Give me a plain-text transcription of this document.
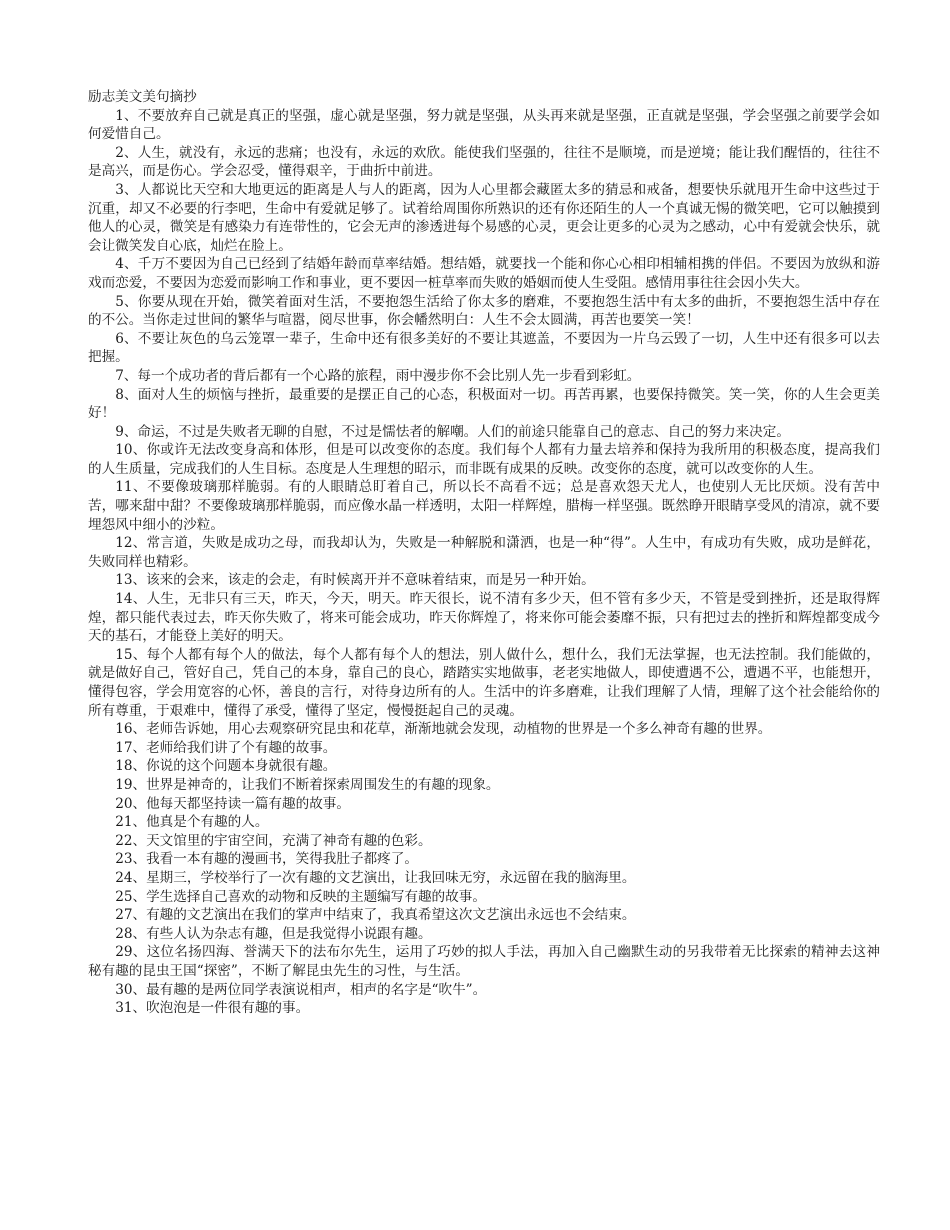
励志美文美句摘抄

1、不要放弃自己就是真正的坚强，虚心就是坚强，努力就是坚强，从头再来就是坚强，正直就是坚强，学会坚强之前要学会如何爱惜自己。

2、人生，就没有，永远的悲痛；也没有，永远的欢欣。能使我们坚强的，往往不是顺境，而是逆境；能让我们醒悟的，往往不是高兴，而是伤心。学会忍受，懂得艰辛，于曲折中前进。

3、人都说比天空和大地更远的距离是人与人的距离，因为人心里都会藏匿太多的猜忌和戒备，想要快乐就甩开生命中这些过于沉重，却又不必要的行李吧，生命中有爱就足够了。试着给周围你所熟识的还有你还陌生的人一个真诚无惕的微笑吧，它可以触摸到他人的心灵，微笑是有感染力有连带性的，它会无声的渗透进每个易感的心灵，更会让更多的心灵为之感动，心中有爱就会快乐，就会让微笑发自心底，灿烂在脸上。

4、千万不要因为自己已经到了结婚年龄而草率结婚。想结婚，就要找一个能和你心心相印相辅相携的伴侣。不要因为放纵和游戏而恋爱，不要因为恋爱而影响工作和事业，更不要因一桩草率而失败的婚姻而使人生受阻。感情用事往往会因小失大。

5、你要从现在开始，微笑着面对生活，不要抱怨生活给了你太多的磨难，不要抱怨生活中有太多的曲折，不要抱怨生活中存在的不公。当你走过世间的繁华与喧嚣，阅尽世事，你会幡然明白：人生不会太圆满，再苦也要笑一笑！

6、不要让灰色的乌云笼罩一辈子，生命中还有很多美好的不要让其遮盖，不要因为一片乌云毁了一切，人生中还有很多可以去把握。

7、每一个成功者的背后都有一个心路的旅程，雨中漫步你不会比别人先一步看到彩虹。

8、面对人生的烦恼与挫折，最重要的是摆正自己的心态，积极面对一切。再苦再累，也要保持微笑。笑一笑，你的人生会更美好！

9、命运，不过是失败者无聊的自慰，不过是懦怯者的解嘲。人们的前途只能靠自己的意志、自己的努力来决定。

10、你或许无法改变身高和体形，但是可以改变你的态度。我们每个人都有力量去培养和保持为我所用的积极态度，提高我们的人生质量，完成我们的人生目标。态度是人生理想的昭示，而非既有成果的反映。改变你的态度，就可以改变你的人生。

11、不要像玻璃那样脆弱。有的人眼睛总盯着自己，所以长不高看不远；总是喜欢怨天尤人，也使别人无比厌烦。没有苦中苦，哪来甜中甜？不要像玻璃那样脆弱，而应像水晶一样透明，太阳一样辉煌，腊梅一样坚强。既然睁开眼睛享受风的清凉，就不要埋怨风中细小的沙粒。

12、常言道，失败是成功之母，而我却认为，失败是一种解脱和潇洒，也是一种“得”。人生中，有成功有失败，成功是鲜花，失败同样也精彩。

13、该来的会来，该走的会走，有时候离开并不意味着结束，而是另一种开始。

14、人生，无非只有三天，昨天，今天，明天。昨天很长，说不清有多少天，但不管有多少天，不管是受到挫折，还是取得辉煌，都只能代表过去，昨天你失败了，将来可能会成功，昨天你辉煌了，将来你可能会萎靡不振，只有把过去的挫折和辉煌都变成今天的基石，才能登上美好的明天。

15、每个人都有每个人的做法，每个人都有每个人的想法，别人做什么，想什么，我们无法掌握，也无法控制。我们能做的，就是做好自己，管好自己，凭自己的本身，靠自己的良心，踏踏实实地做事，老老实地做人，即使遭遇不公，遭遇不平，也能想开，懂得包容，学会用宽容的心怀，善良的言行，对待身边所有的人。生活中的许多磨难，让我们理解了人情，理解了这个社会能给你的所有尊重，于艰难中，懂得了承受，懂得了坚定，慢慢挺起自己的灵魂。

16、老师告诉她，用心去观察研究昆虫和花草，渐渐地就会发现，动植物的世界是一个多么神奇有趣的世界。

17、老师给我们讲了个有趣的故事。

18、你说的这个问题本身就很有趣。

19、世界是神奇的，让我们不断着探索周围发生的有趣的现象。

20、他每天都坚持读一篇有趣的故事。

21、他真是个有趣的人。

22、天文馆里的宇宙空间，充满了神奇有趣的色彩。

23、我看一本有趣的漫画书，笑得我肚子都疼了。

24、星期三，学校举行了一次有趣的文艺演出，让我回味无穷，永远留在我的脑海里。

25、学生选择自己喜欢的动物和反映的主题编写有趣的故事。

27、有趣的文艺演出在我们的掌声中结束了，我真希望这次文艺演出永远也不会结束。

28、有些人认为杂志有趣，但是我觉得小说跟有趣。

29、这位名扬四海、誉满天下的法布尔先生，运用了巧妙的拟人手法，再加入自己幽默生动的另我带着无比探索的精神去这神秘有趣的昆虫王国“探密”，不断了解昆虫先生的习性，与生活。

30、最有趣的是两位同学表演说相声，相声的名字是“吹牛”。

31、吹泡泡是一件很有趣的事。
